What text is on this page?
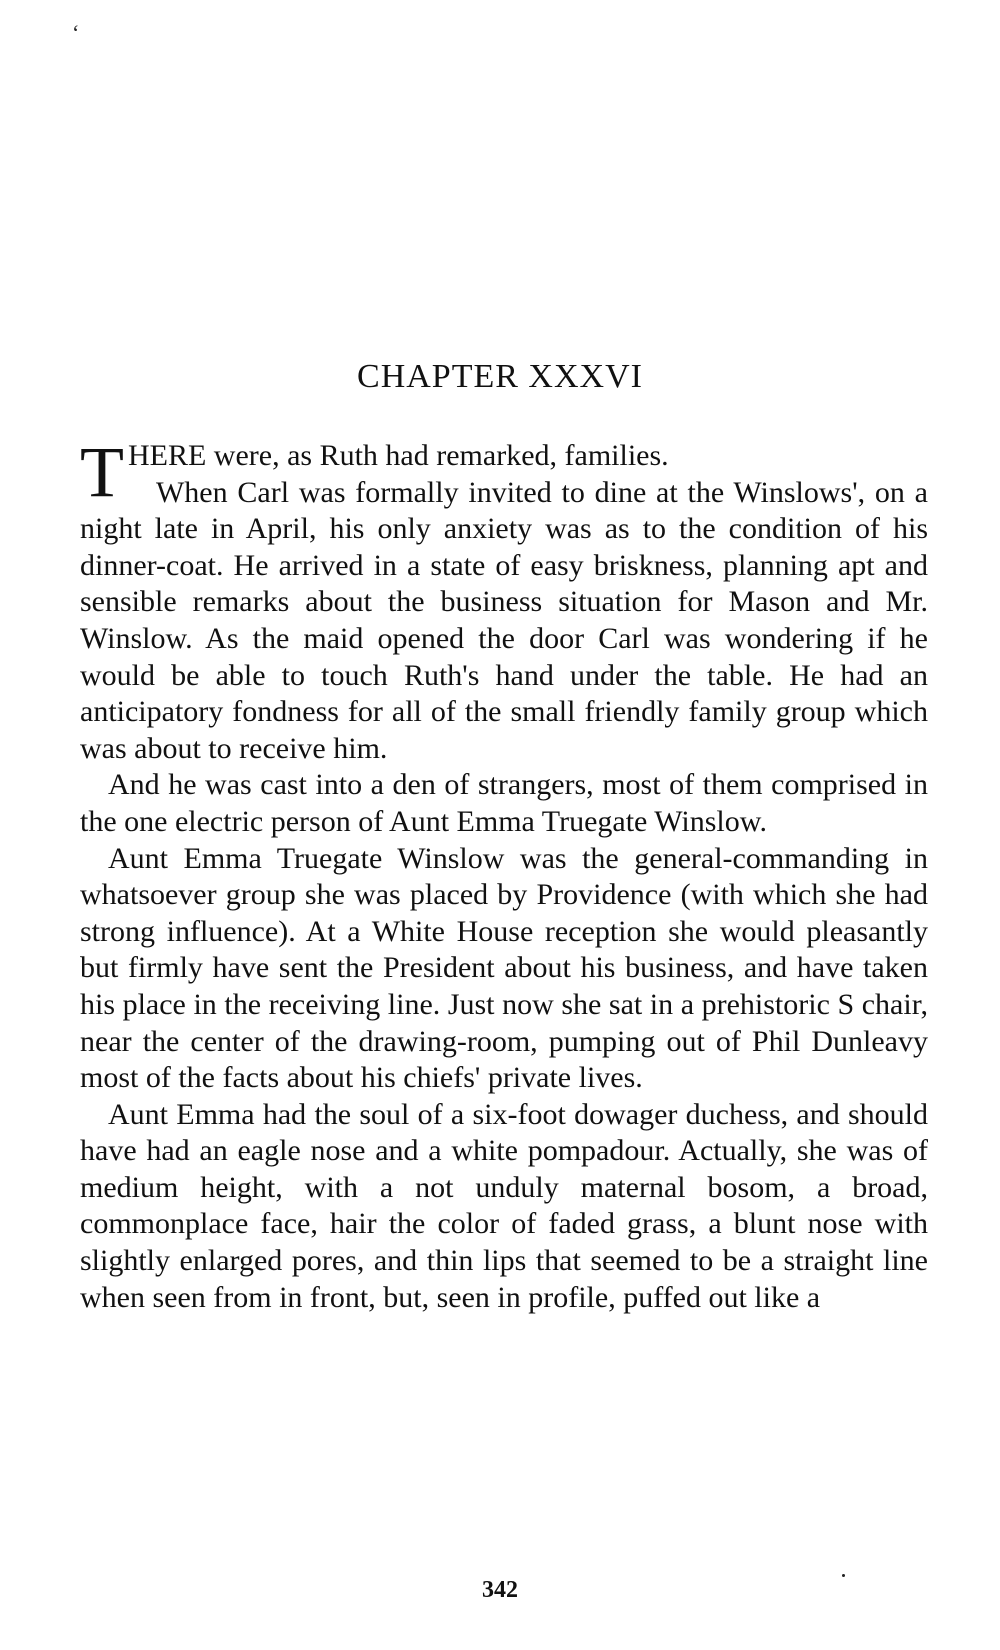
ʻ
CHAPTER XXXVI

THERE were, as Ruth had remarked, families.

When Carl was formally invited to dine at the Winslows', on a night late in April, his only anxiety was as to the condition of his dinner-coat. He arrived in a state of easy briskness, planning apt and sensible remarks about the business situation for Mason and Mr. Winslow. As the maid opened the door Carl was wondering if he would be able to touch Ruth's hand under the table. He had an anticipatory fondness for all of the small friendly family group which was about to receive him.

And he was cast into a den of strangers, most of them comprised in the one electric person of Aunt Emma Truegate Winslow.

Aunt Emma Truegate Winslow was the general-commanding in whatsoever group she was placed by Providence (with which she had strong influence). At a White House reception she would pleasantly but firmly have sent the President about his business, and have taken his place in the receiving line. Just now she sat in a prehistoric S chair, near the center of the drawing-room, pumping out of Phil Dunleavy most of the facts about his chiefs' private lives.

Aunt Emma had the soul of a six-foot dowager duchess, and should have had an eagle nose and a white pompadour. Actually, she was of medium height, with a not unduly maternal bosom, a broad, commonplace face, hair the color of faded grass, a blunt nose with slightly enlarged pores, and thin lips that seemed to be a straight line when seen from in front, but, seen in profile, puffed out like a

342
